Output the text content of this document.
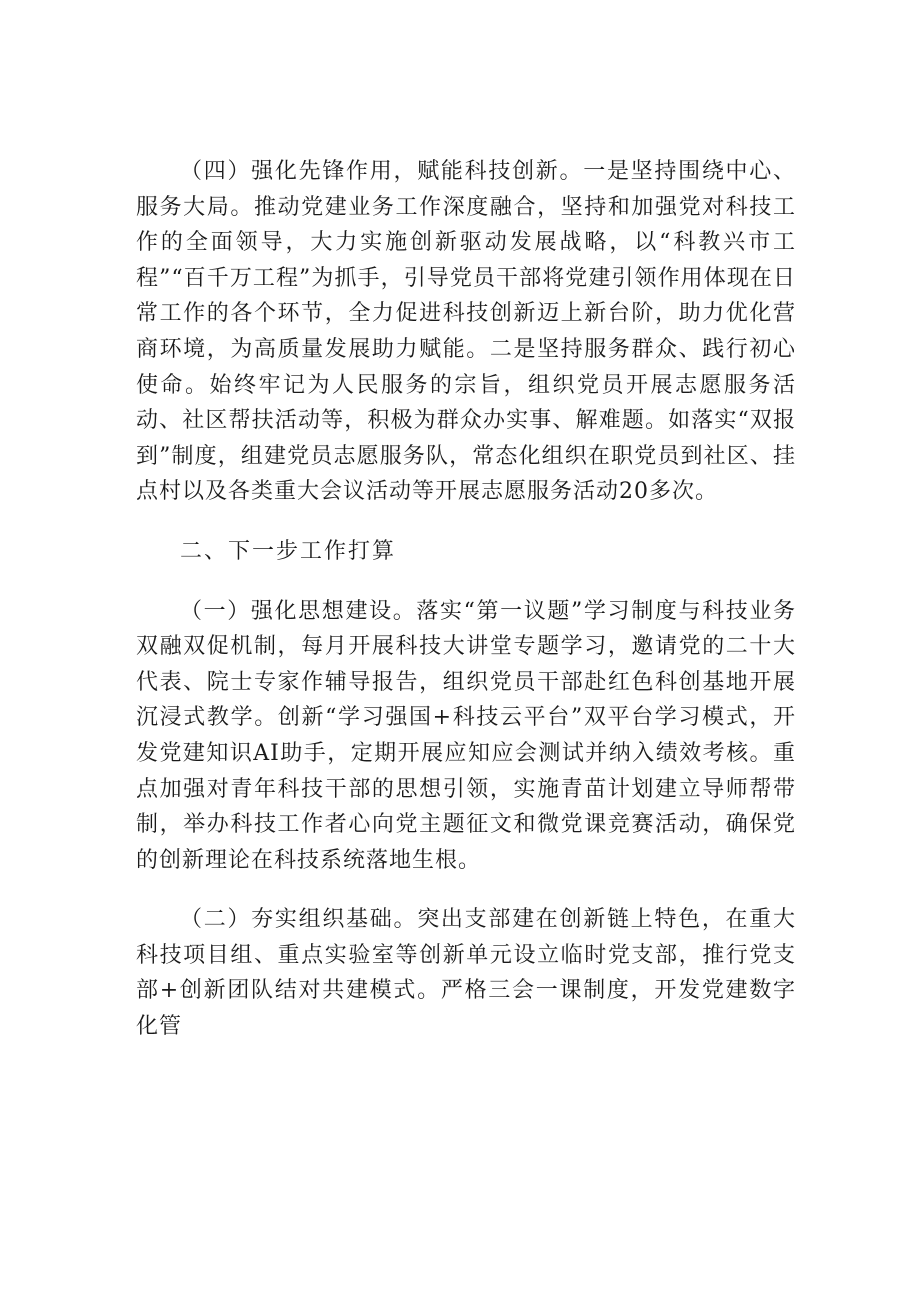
（四）强化先锋作用，赋能科技创新。一是坚持围绕中心、服务大局。推动党建业务工作深度融合，坚持和加强党对科技工作的全面领导，大力实施创新驱动发展战略，以“科教兴市工程”“百千万工程”为抓手，引导党员干部将党建引领作用体现在日常工作的各个环节，全力促进科技创新迈上新台阶，助力优化营商环境，为高质量发展助力赋能。二是坚持服务群众、践行初心使命。始终牢记为人民服务的宗旨，组织党员开展志愿服务活动、社区帮扶活动等，积极为群众办实事、解难题。如落实“双报到”制度，组建党员志愿服务队，常态化组织在职党员到社区、挂点村以及各类重大会议活动等开展志愿服务活动20多次。

二、下一步工作打算

（一）强化思想建设。落实“第一议题”学习制度与科技业务双融双促机制，每月开展科技大讲堂专题学习，邀请党的二十大代表、院士专家作辅导报告，组织党员干部赴红色科创基地开展沉浸式教学。创新“学习强国+科技云平台”双平台学习模式，开发党建知识AI助手，定期开展应知应会测试并纳入绩效考核。重点加强对青年科技干部的思想引领，实施青苗计划建立导师帮带制，举办科技工作者心向党主题征文和微党课竞赛活动，确保党的创新理论在科技系统落地生根。

（二）夯实组织基础。突出支部建在创新链上特色，在重大科技项目组、重点实验室等创新单元设立临时党支部，推行党支部+创新团队结对共建模式。严格三会一课制度，开发党建数字化管
